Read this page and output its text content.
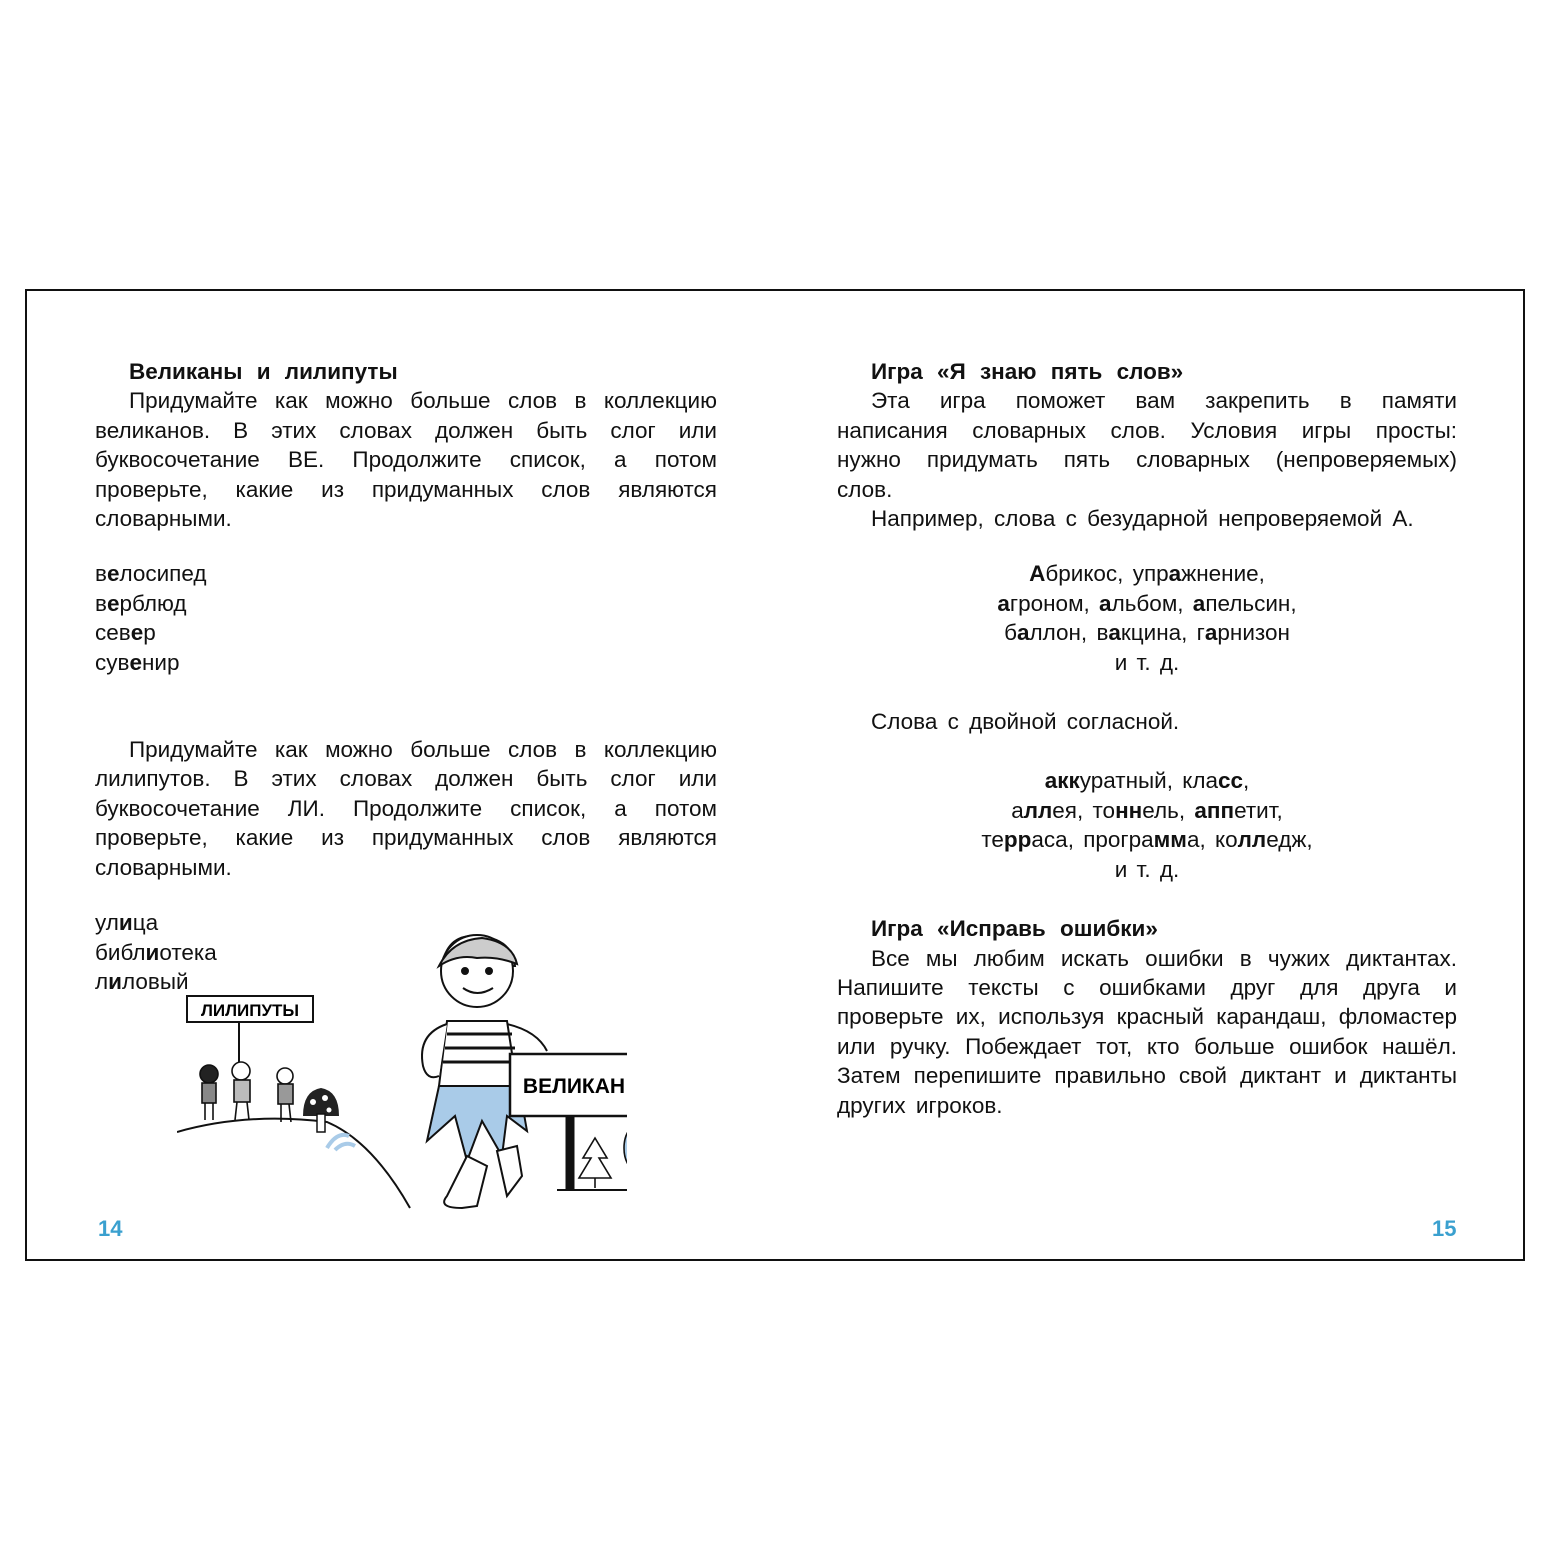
Великаны и лилипуты

Придумайте как можно больше слов в коллекцию великанов. В этих словах должен быть слог или буквосочетание ВЕ. Продолжите список, а потом проверьте, какие из придуманных слов являются словарными.

велосипед
верблюд
север
сувенир

Придумайте как можно больше слов в коллекцию лилипутов. В этих словах должен быть слог или буквосочетание ЛИ. Продолжите список, а потом проверьте, какие из придуманных слов являются словарными.

улица
библиотека
лиловый
ЛИЛИПУТЫ
ВЕЛИКАН
14

Игра «Я знаю пять слов»

Эта игра поможет вам закрепить в памяти написания словарных слов. Условия игры просты: нужно придумать пять словарных (непроверяемых) слов.

Например, слова с безударной непроверяемой А.

Абрикос, упражнение,

агроном, альбом, апельсин,

баллон, вакцина, гарнизон

и т. д.

Слова с двойной согласной.

аккуратный, класс,

аллея, тоннель, аппетит,

терраса, программа, колледж,

и т. д.

Игра «Исправь ошибки»

Все мы любим искать ошибки в чужих диктантах. Напишите тексты с ошибками друг для друга и проверьте их, используя красный карандаш, фломастер или ручку. Побеждает тот, кто больше ошибок нашёл. Затем перепишите правильно свой диктант и диктанты других игроков.

15
